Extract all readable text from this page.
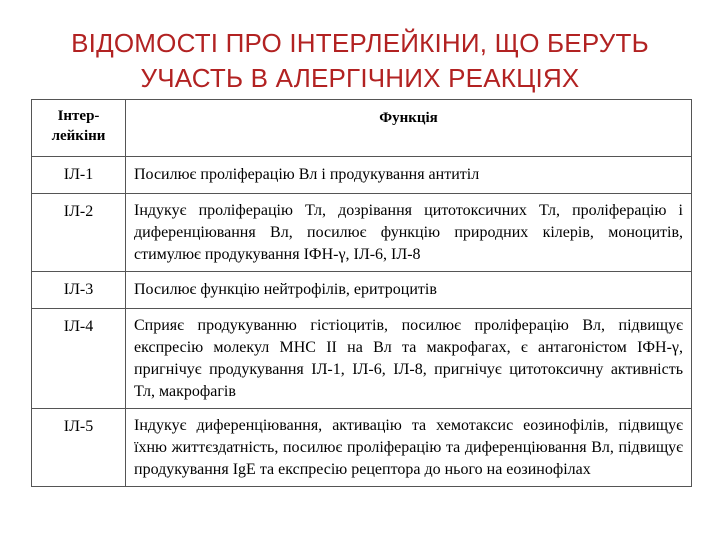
ВІДОМОСТІ ПРО ІНТЕРЛЕЙКІНИ, ЩО БЕРУТЬ
УЧАСТЬ В АЛЕРГІЧНИХ РЕАКЦІЯХ
Інтер-
лейкіни	Функція

ІЛ-1	Посилює проліферацію Вл і продукування антитіл

ІЛ-2	Індукує проліферацію Тл, дозрівання цитотоксичних Тл, проліферацію і диференціювання Вл, посилює функцію природних кілерів, моноцитів, стимулює продукування ІФН-γ, ІЛ-6, ІЛ-8

ІЛ-3	Посилює функцію нейтрофілів, еритроцитів

ІЛ-4	Сприяє продукуванню гістіоцитів, посилює проліферацію Вл, підвищує експресію молекул МНС ІІ на Вл та макрофагах, є антагоністом ІФН-γ, пригнічує продукування ІЛ-1, ІЛ-6, ІЛ-8, пригнічує цитотоксичну активність Тл, макрофагів

ІЛ-5	Індукує диференціювання, активацію та хемотаксис еозинофілів, підвищує їхню життєздатність, посилює проліферацію та диференціювання Вл, підвищує продукування IgE та експресію рецептора до нього на еозинофілах
